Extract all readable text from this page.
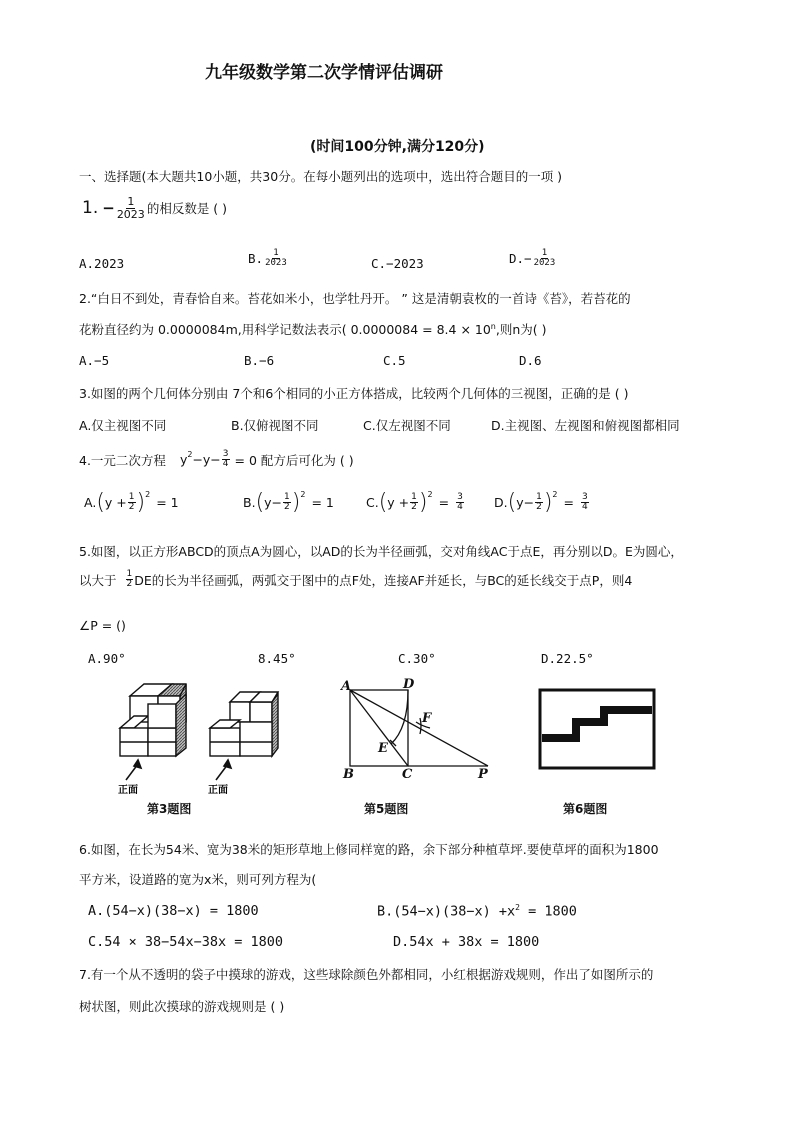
九年级数学第二次学情评估调研
(时间100分钟,满分120分)
一、选择题(本大题共10小题，共30分。在每小题列出的选项中，选出符合题目的一项 )
1. − $\frac{1}{2023}$ 的相反数是 ( )
A.2023	B. $\frac{1}{2023}$	C.−2023	$D.- \frac{1}{2023}$
2.“白日不到处，青春恰自来。苔花如米小，也学牡丹开。 ” 这是清朝袁枚的一首诗《苔》，若苔花的
花粉直径约为 0.0000084m,用科学记数法表示( $0.0000084 = 8.4 \times 10^n$,则n为( )
A.−5	B.−6	C.5	D.6
3.如图的两个几何体分别由 7个和6个相同的小正方体搭成，比较两个几何体的三视图，正确的是 ( )
A.仅主视图不同	B.仅俯视图不同	C.仅左视图不同	D.主视图、左视图和俯视图都相同
4.一元二次方程 $y^2 -y- \frac{3}{4} = 0$ 配方后可化为 ( )
A. ( $y + \frac{1}{2} )^2$
= 1	B. ( $y- \frac{1}{2} )^2$
= 1	C. ( $y + \frac{1}{2} )^2$
= $\frac{3}{4} D$. ( $y- \frac{1}{2} )^2$
= $\frac{3}{4}$
5.如图，以正方形ABCD的顶点A为圆心，以AD的长为半径画弧，交对角线AC于点E，再分别以D。E为圆心，
以大于 $\frac{1}{2}$ DE的长为半径画弧，两弧交于图中的点F处，连接AF并延长，与BC的延长线交于点P，则4
∠P = ()
A.90°	8.45°	C.30°	D.22.5°
正面	正面
第3题图
A	D
B	C
E
F
P
第5题图	第6题图
6.如图，在长为54米、宽为38米的矩形草地上修同样宽的路，余下部分种植草坪.要使草坪的面积为1800
平方米，设道路的宽为x米，则可列方程为(
A.(54−x)(38−x) = 1800	$B.(54-x)(38-x) +x^2 = 1800$
C.54 × 38−54x−38x = 1800	D.54x + 38x = 1800
7.有一个从不透明的袋子中摸球的游戏，这些球除颜色外都相同，小红根据游戏规则，作出了如图所示的
树状图，则此次摸球的游戏规则是 ( )
